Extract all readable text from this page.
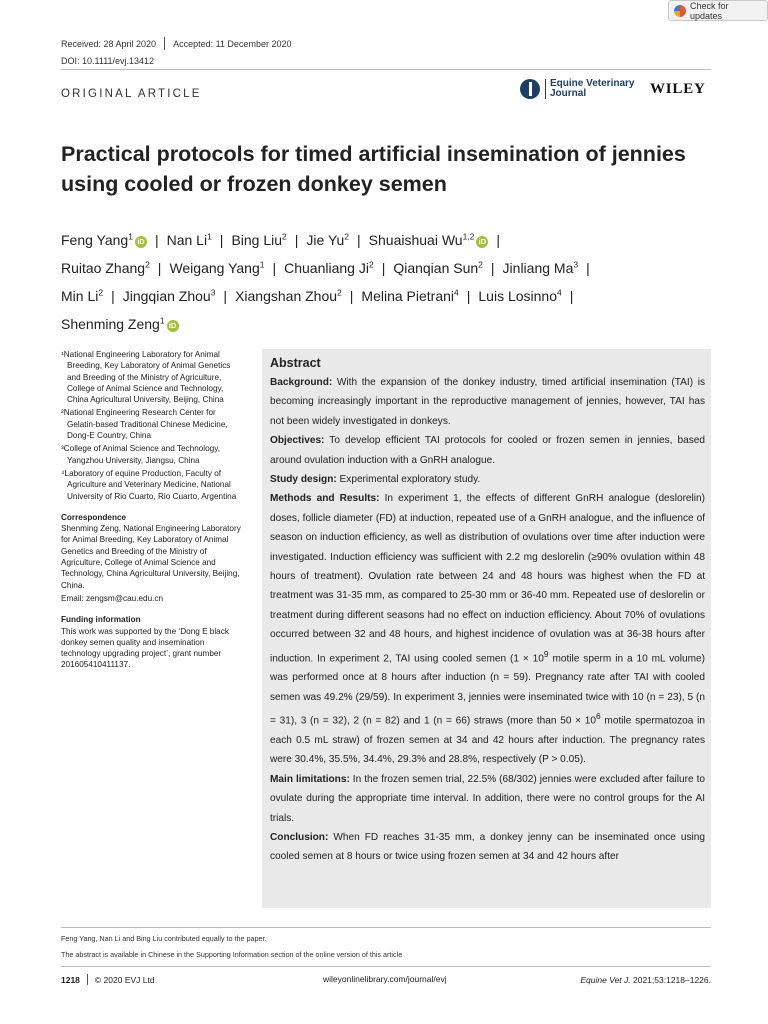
Check for updates
Received: 28 April 2020 Accepted: 11 December 2020
DOI: 10.1111/evj.13412
ORIGINAL ARTICLE
Equine Veterinary
Journal	WILEY
Practical protocols for timed artificial insemination of jennies using cooled or frozen donkey semen
Feng Yang$^1$iD | Nan Li$^1$ | Bing Liu$^2$ | Jie Yu$^2$ | Shuaishuai Wu$^{1,2}$iD |
Ruitao Zhang$^2$ | Weigang Yang$^1$ | Chuanliang Ji$^2$ | Qianqian Sun$^2$ | Jinliang Ma$^3$ |
Min Li$^2$ | Jingqian Zhou$^3$ | Xiangshan Zhou$^2$ | Melina Pietrani$^4$ | Luis Losinno$^4$ |
Shenming Zeng$^1$iD

¹National Engineering Laboratory for Animal Breeding, Key Laboratory of Animal Genetics and Breeding of the Ministry of Agriculture, College of Animal Science and Technology, China Agricultural University, Beijing, China

²National Engineering Research Center for Gelatin-based Traditional Chinese Medicine, Dong-E Country, China

³College of Animal Science and Technology, Yangzhou University, Jiangsu, China

⁴Laboratory of equine Production, Faculty of Agriculture and Veterinary Medicine, National University of Rio Cuarto, Rio Cuarto, Argentina

Correspondence

Shenming Zeng, National Engineering Laboratory for Animal Breeding, Key Laboratory of Animal Genetics and Breeding of the Ministry of Agriculture, College of Animal Science and Technology, China Agricultural University, Beijing, China.

Email: zengsm@cau.edu.cn

Funding information

This work was supported by the ‘Dong E black donkey semen quality and insemination technology upgrading project’, grant number 201605410411137.

Abstract

Background: With the expansion of the donkey industry, timed artificial insemination (TAI) is becoming increasingly important in the reproductive management of jennies, however, TAI has not been widely investigated in donkeys.

Objectives: To develop efficient TAI protocols for cooled or frozen semen in jennies, based around ovulation induction with a GnRH analogue.

Study design: Experimental exploratory study.

Methods and Results: In experiment 1, the effects of different GnRH analogue (deslorelin) doses, follicle diameter (FD) at induction, repeated use of a GnRH analogue, and the influence of season on induction efficiency, as well as distribution of ovulations over time after induction were investigated. Induction efficiency was sufficient with 2.2 mg deslorelin (≥90% ovulation within 48 hours of treatment). Ovulation rate between 24 and 48 hours was highest when the FD at treatment was 31-35 mm, as compared to 25-30 mm or 36-40 mm. Repeated use of deslorelin or treatment during different seasons had no effect on induction efficiency. About 70% of ovulations occurred between 32 and 48 hours, and highest incidence of ovulation was at 36-38 hours after induction. In experiment 2, TAI using cooled semen ($1 \times 10^9$ motile sperm in a 10 mL volume) was performed once at 8 hours after induction (n = 59). Pregnancy rate after TAI with cooled semen was 49.2% (29/59). In experiment 3, jennies were inseminated twice with 10 (n = 23), 5 (n = 31), 3 (n = 32), 2 (n = 82) and 1 (n = 66) straws (more than $50 \times 10^6$ motile spermatozoa in each 0.5 mL straw) of frozen semen at 34 and 42 hours after induction. The pregnancy rates were 30.4%, 35.5%, 34.4%, 29.3% and 28.8%, respectively (P > 0.05).

Main limitations: In the frozen semen trial, 22.5% (68/302) jennies were excluded after failure to ovulate during the appropriate time interval. In addition, there were no control groups for the AI trials.

Conclusion: When FD reaches 31-35 mm, a donkey jenny can be inseminated once using cooled semen at 8 hours or twice using frozen semen at 34 and 42 hours after

Feng Yang, Nan Li and Bing Liu contributed equally to the paper.

The abstract is available in Chinese in the Supporting Information section of the online version of this article

1218 © 2020 EVJ Ltd	wileyonlinelibrary.com/journal/evj	Equine Vet J. 2021;53:1218–1226.
